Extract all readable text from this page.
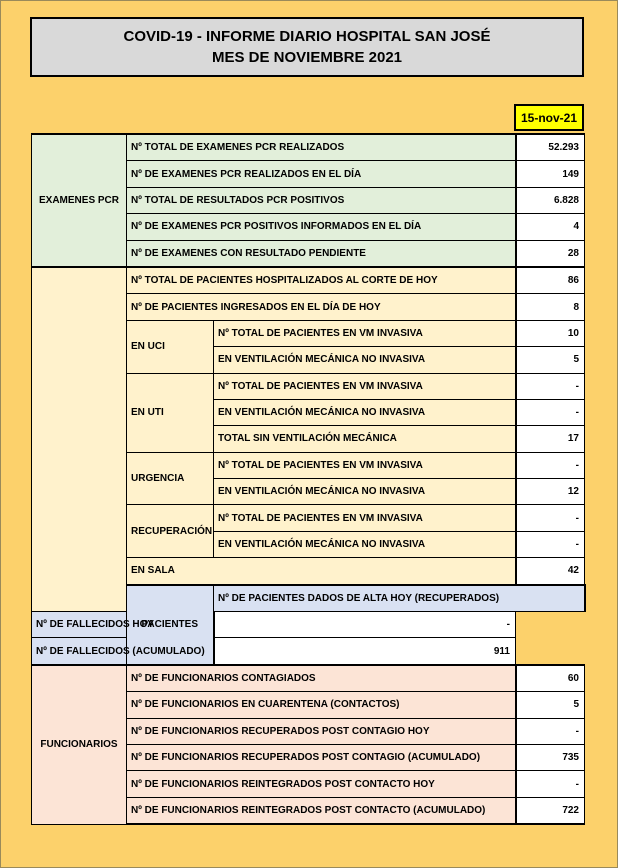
COVID-19 - INFORME DIARIO HOSPITAL SAN JOSÉ
MES DE NOVIEMBRE 2021
15-nov-21
EXAMENES PCR	Nº TOTAL DE EXAMENES PCR REALIZADOS		52.293	
	Nº DE EXAMENES PCR REALIZADOS EN EL DÍA		149	
	Nº TOTAL DE RESULTADOS PCR POSITIVOS		6.828	
	Nº DE EXAMENES PCR POSITIVOS INFORMADOS EN EL DÍA		4	
	Nº DE EXAMENES CON RESULTADO PENDIENTE		28	
	Nº TOTAL DE PACIENTES HOSPITALIZADOS AL CORTE DE HOY		86	
	Nº DE PACIENTES INGRESADOS EN EL DÍA DE HOY		8	
	EN UCI	Nº TOTAL DE PACIENTES EN VM INVASIVA	10	
		EN VENTILACIÓN MECÁNICA NO INVASIVA	5	
	EN UTI	Nº TOTAL DE PACIENTES EN VM INVASIVA	-	
		EN VENTILACIÓN MECÁNICA NO INVASIVA	-	
		TOTAL SIN VENTILACIÓN MECÁNICA	17	
	URGENCIA	Nº TOTAL DE PACIENTES EN VM INVASIVA	-	
		EN VENTILACIÓN MECÁNICA NO INVASIVA	12	
	RECUPERACIÓN	Nº TOTAL DE PACIENTES EN VM INVASIVA	-	
		EN VENTILACIÓN MECÁNICA NO INVASIVA	-	
	EN SALA		42	
	PACIENTES	Nº DE PACIENTES DADOS DE ALTA HOY (RECUPERADOS)	
Nº DE FALLECIDOS HOY		-		
Nº DE FALLECIDOS (ACUMULADO)		911		
FUNCIONARIOS	Nº DE FUNCIONARIOS CONTAGIADOS		60	
	Nº DE FUNCIONARIOS EN CUARENTENA (CONTACTOS)		5	
	Nº DE FUNCIONARIOS RECUPERADOS POST CONTAGIO HOY		-	
	Nº DE FUNCIONARIOS RECUPERADOS POST CONTAGIO (ACUMULADO)		735	
	Nº DE FUNCIONARIOS REINTEGRADOS POST CONTACTO HOY		-	
	Nº DE FUNCIONARIOS REINTEGRADOS POST CONTACTO (ACUMULADO)		722	
